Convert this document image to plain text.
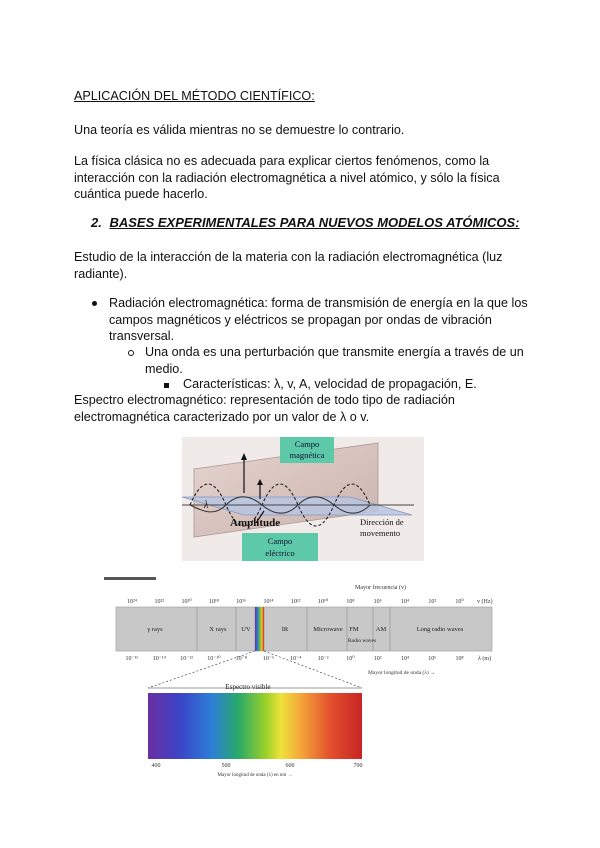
APLICACIÓN DEL MÉTODO CIENTÍFICO:
Una teoría es válida mientras no se demuestre lo contrario.
La física clásica no es adecuada para explicar ciertos fenómenos, como la
interacción con la radiación electromagnética a nivel atómico, y sólo la física
cuántica puede hacerlo.
2. BASES EXPERIMENTALES PARA NUEVOS MODELOS ATÓMICOS:
Estudio de la interacción de la materia con la radiación electromagnética (luz
radiante).
Radiación electromagnética: forma de transmisión de energía en la que los
campos magnéticos y eléctricos se propagan por ondas de vibración
transversal.
Una onda es una perturbación que transmite energía a través de un
medio.
Características: λ, v, A, velocidad de propagación, E.
Espectro electromagnético: representación de todo tipo de radiación
electromagnética caracterizado por un valor de λ o v.
λ
Campo
magnética
Amplitude	Dirección de
movemento
Campo
eléctrico
Mayor frecuencia (v)
10²⁴	10²²	10²⁰	10¹⁸	10¹⁶	10¹⁴	10¹²	10¹⁰	10⁸	10⁶	10⁴	10²	10⁰ v (Hz)
γ rays	X rays UV	IR	Microwave FM	AM	Long radio waves
Radio waves
10⁻¹⁶ 10⁻¹⁴ 10⁻¹² 10⁻¹⁰ 10⁻⁸	10⁻⁶	10⁻⁴	10⁻²	10⁰	10²	10⁴	10⁶	10⁸ λ (m)
Mayor longitud de onda (λ) →
Espectro visible
400	500	600	700
Mayor longitud de onda (λ) en nm →
